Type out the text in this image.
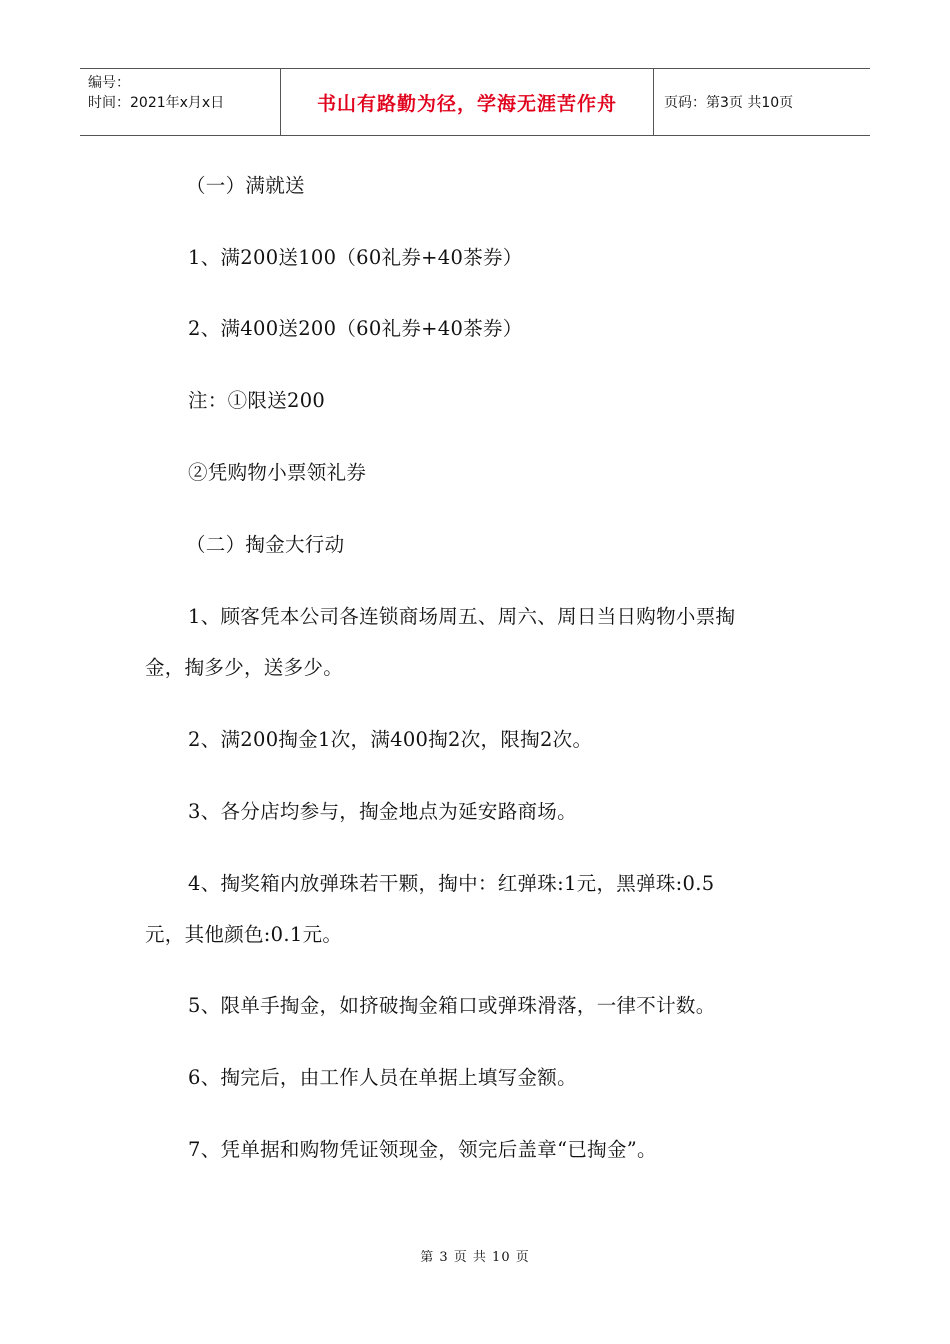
编号：
时间：2021年x月x日	书山有路勤为径，学海无涯苦作舟	页码：第3页 共10页
（一）满就送
1、满200送100（60礼券+40茶券）
2、满400送200（60礼券+40茶券）
注：①限送200
②凭购物小票领礼券
（二）掏金大行动
1、顾客凭本公司各连锁商场周五、周六、周日当日购物小票掏
金，掏多少，送多少。
2、满200掏金1次，满400掏2次，限掏2次。
3、各分店均参与，掏金地点为延安路商场。
4、掏奖箱内放弹珠若干颗，掏中：红弹珠:1元，黑弹珠:0.5
元，其他颜色:0.1元。
5、限单手掏金，如挤破掏金箱口或弹珠滑落，一律不计数。
6、掏完后，由工作人员在单据上填写金额。
7、凭单据和购物凭证领现金，领完后盖章“已掏金”。
第 3 页 共 10 页
